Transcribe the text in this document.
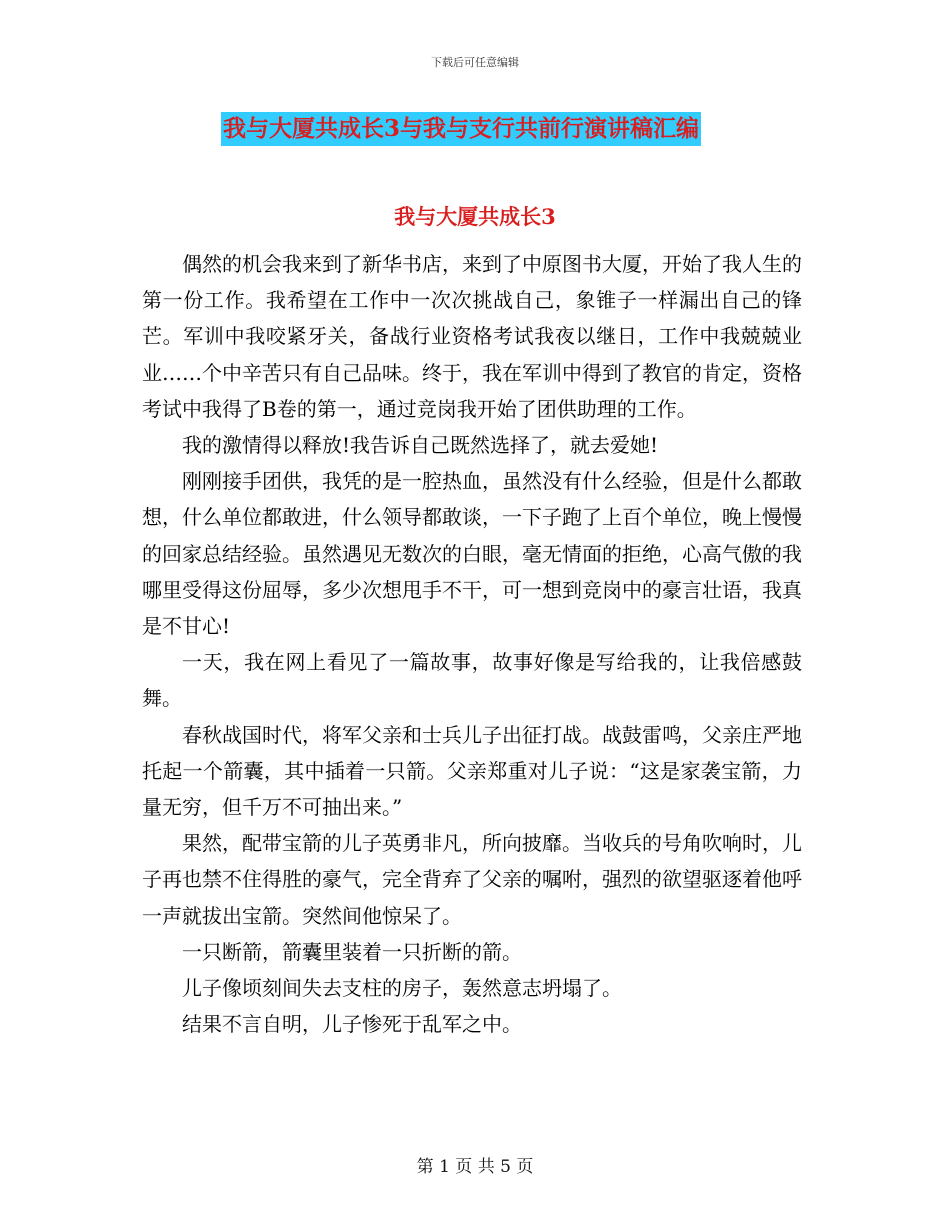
下载后可任意编辑
我与大厦共成长3与我与支行共前行演讲稿汇编
我与大厦共成长3

偶然的机会我来到了新华书店，来到了中原图书大厦，开始了我人生的第一份工作。我希望在工作中一次次挑战自己，象锥子一样漏出自己的锋芒。军训中我咬紧牙关，备战行业资格考试我夜以继日，工作中我兢兢业业……个中辛苦只有自己品味。终于，我在军训中得到了教官的肯定，资格考试中我得了B卷的第一，通过竞岗我开始了团供助理的工作。

我的激情得以释放!我告诉自己既然选择了，就去爱她!

刚刚接手团供，我凭的是一腔热血，虽然没有什么经验，但是什么都敢想，什么单位都敢进，什么领导都敢谈，一下子跑了上百个单位，晚上慢慢的回家总结经验。虽然遇见无数次的白眼，毫无情面的拒绝，心高气傲的我哪里受得这份屈辱，多少次想甩手不干，可一想到竞岗中的豪言壮语，我真是不甘心!

一天，我在网上看见了一篇故事，故事好像是写给我的，让我倍感鼓舞。

春秋战国时代，将军父亲和士兵儿子出征打战。战鼓雷鸣，父亲庄严地托起一个箭囊，其中插着一只箭。父亲郑重对儿子说：“这是家袭宝箭，力量无穷，但千万不可抽出来。”

果然，配带宝箭的儿子英勇非凡，所向披靡。当收兵的号角吹响时，儿子再也禁不住得胜的豪气，完全背弃了父亲的嘱咐，强烈的欲望驱逐着他呼一声就拔出宝箭。突然间他惊呆了。

一只断箭，箭囊里装着一只折断的箭。

儿子像顷刻间失去支柱的房子，轰然意志坍塌了。

结果不言自明，儿子惨死于乱军之中。

第 1 页 共 5 页
